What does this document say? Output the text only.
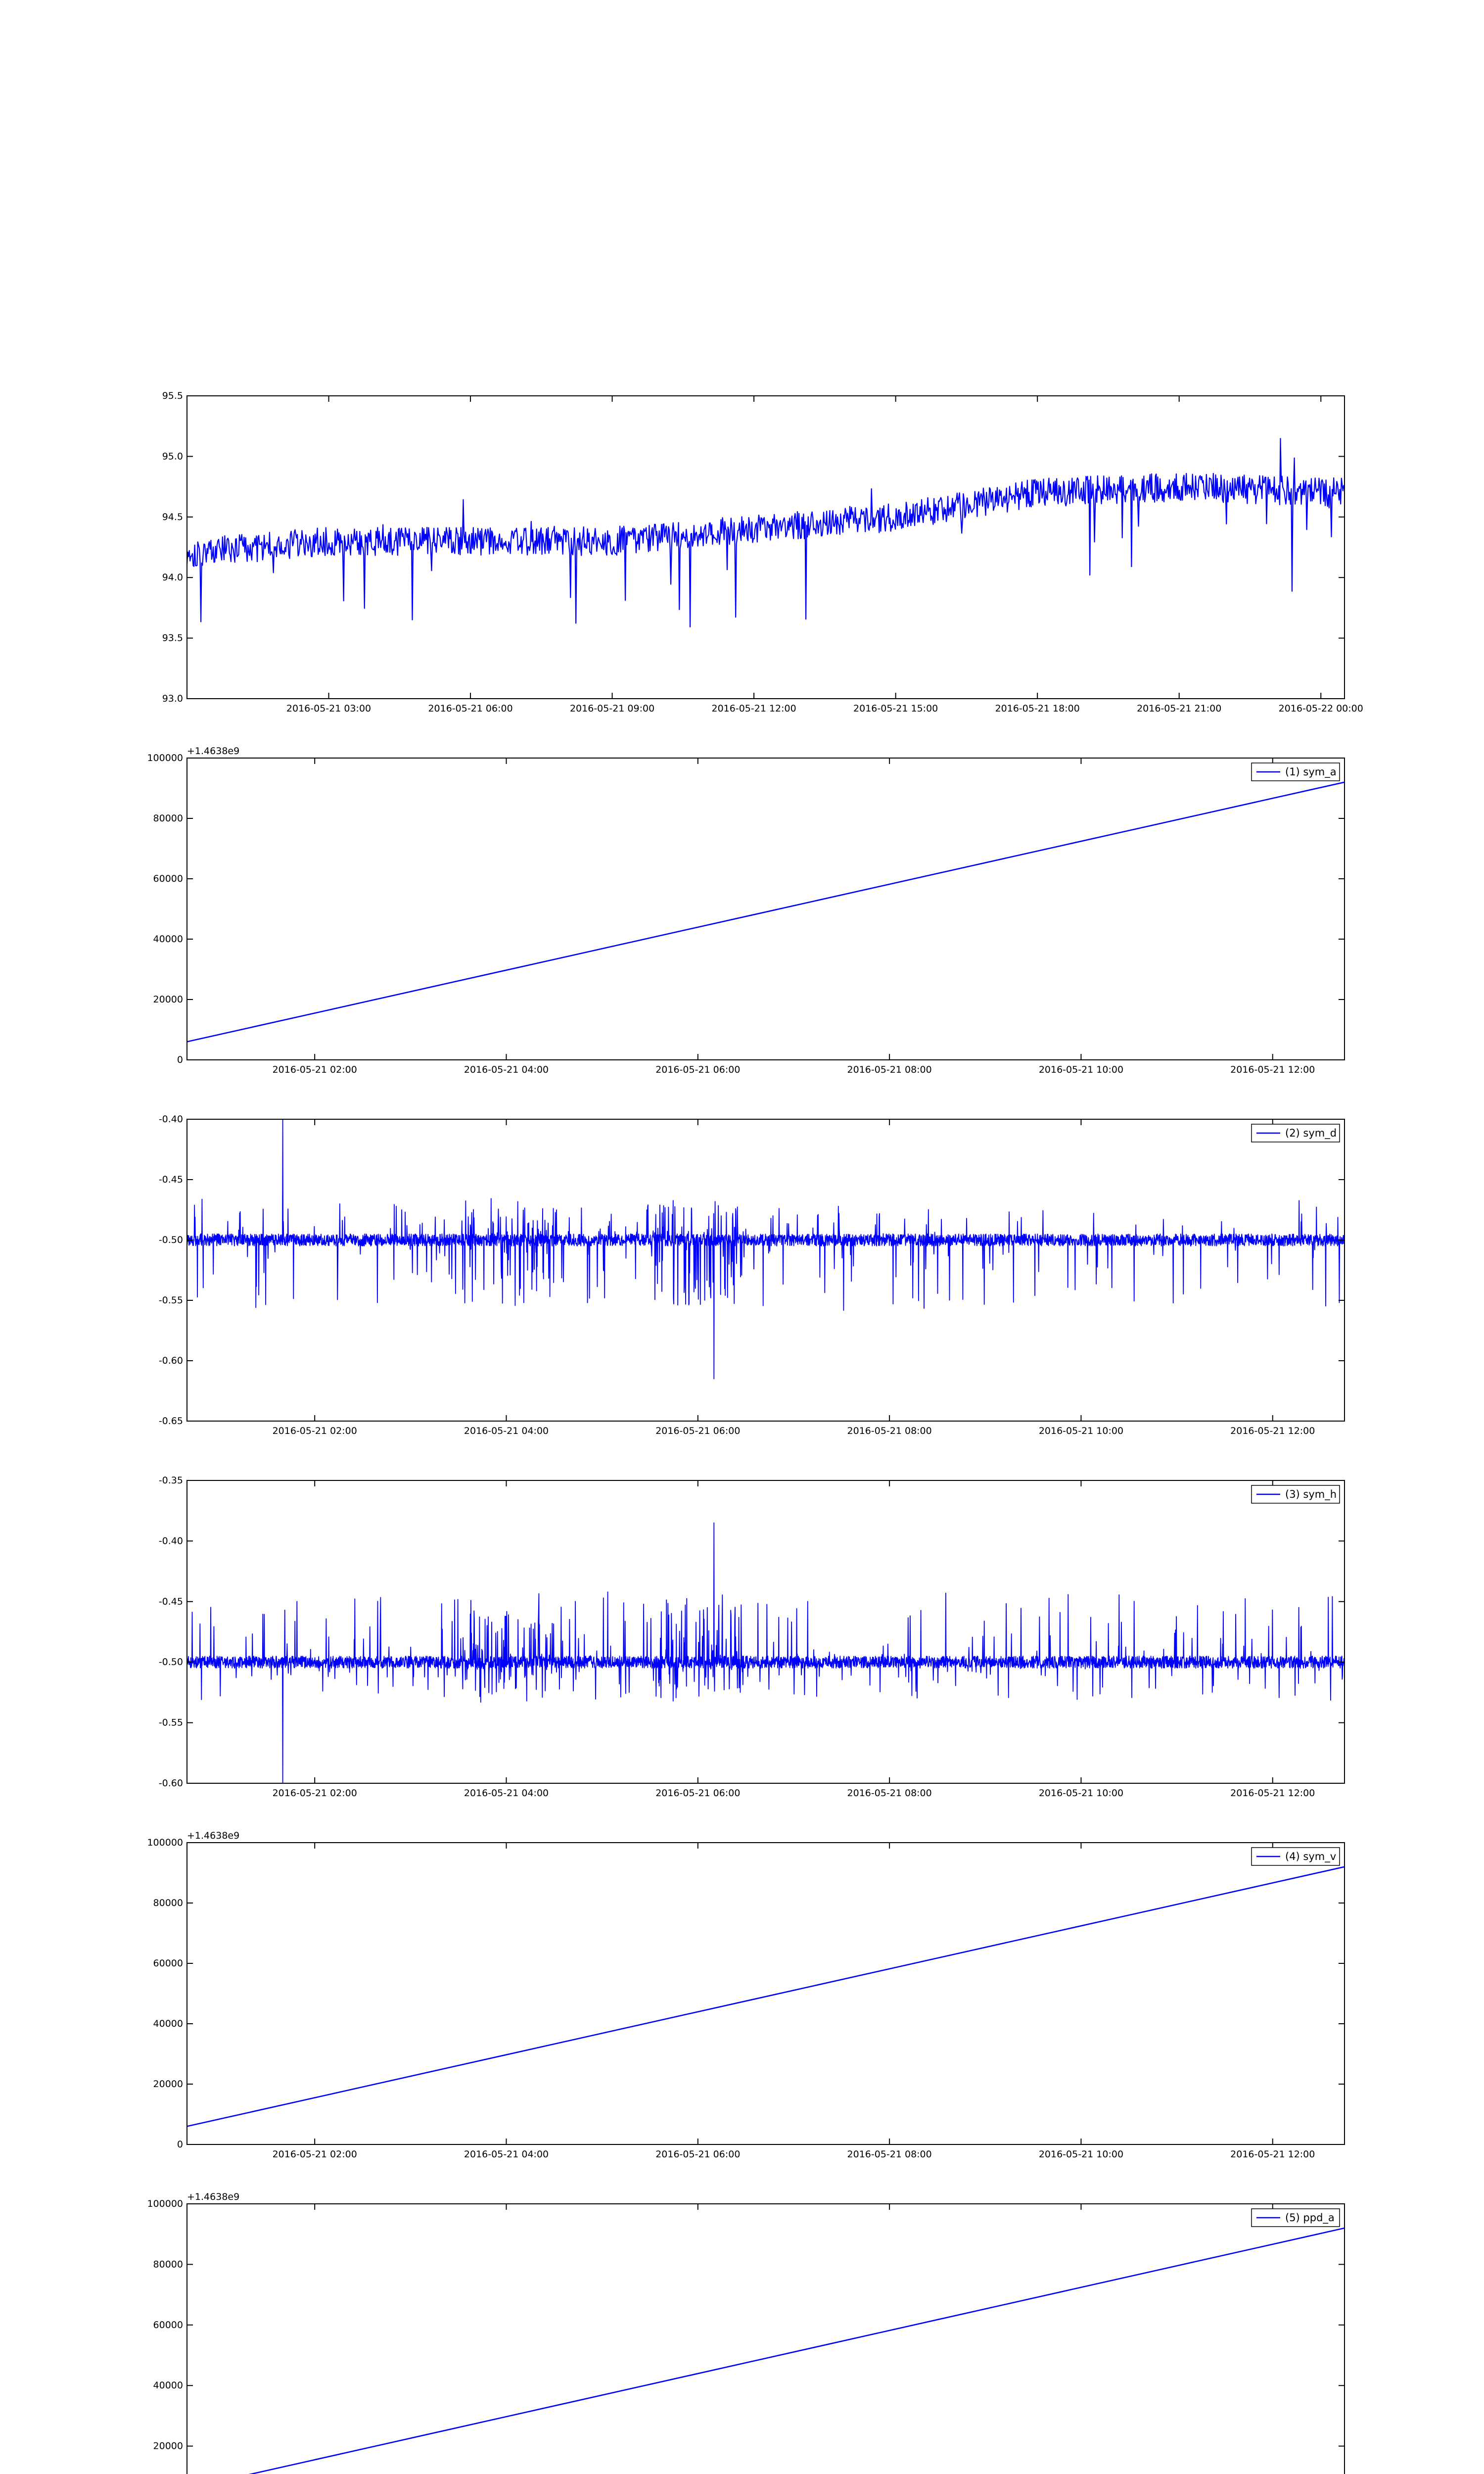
95.5
95.0
94.5
94.0
93.5
93.0
2016-05-21 03:00	2016-05-21 06:00	2016-05-21 09:00	2016-05-21 12:00	2016-05-21 15:00	2016-05-21 18:00	2016-05-21 21:00	2016-05-22 00:00
100000
80000
60000
40000
20000
0
2016-05-21 02:00	2016-05-21 04:00	2016-05-21 06:00	2016-05-21 08:00	2016-05-21 10:00	2016-05-21 12:00
+1.4638e9
(1) sym_a
-0.40
-0.45
-0.50
-0.55
-0.60
-0.65
2016-05-21 02:00	2016-05-21 04:00	2016-05-21 06:00	2016-05-21 08:00	2016-05-21 10:00	2016-05-21 12:00
(2) sym_d
-0.35
-0.40
-0.45
-0.50
-0.55
-0.60
2016-05-21 02:00	2016-05-21 04:00	2016-05-21 06:00	2016-05-21 08:00	2016-05-21 10:00	2016-05-21 12:00
(3) sym_h
100000
80000
60000
40000
20000
0
2016-05-21 02:00	2016-05-21 04:00	2016-05-21 06:00	2016-05-21 08:00	2016-05-21 10:00	2016-05-21 12:00
+1.4638e9
(4) sym_v
100000
80000
60000
40000
20000
+1.4638e9
(5) ppd_a
